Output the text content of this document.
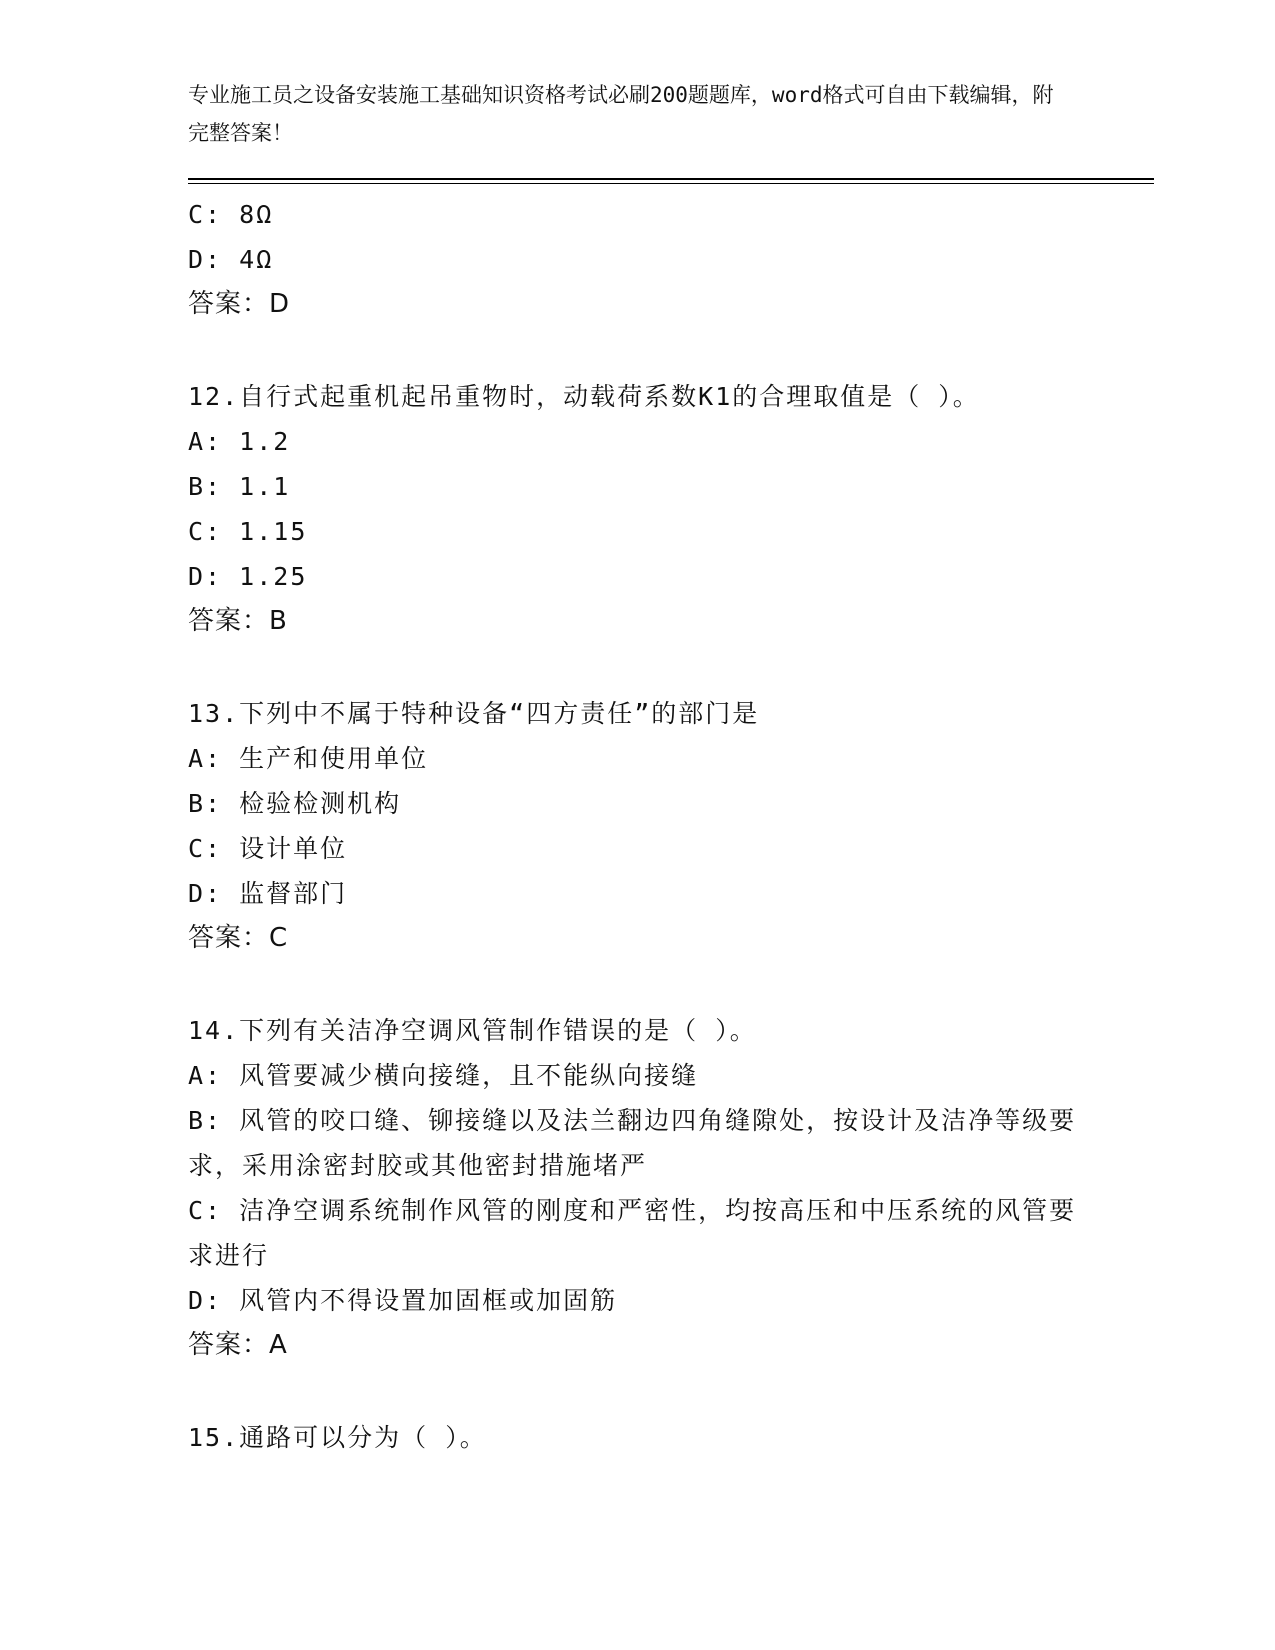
专业施工员之设备安装施工基础知识资格考试必刷200题题库，word格式可自由下载编辑，附完整答案！
C: 8Ω
D: 4Ω
答案：D
12.自行式起重机起吊重物时，动载荷系数K1的合理取值是（ ）。
A: 1.2
B: 1.1
C: 1.15
D: 1.25
答案：B
13.下列中不属于特种设备“四方责任”的部门是
A: 生产和使用单位
B: 检验检测机构
C: 设计单位
D: 监督部门
答案：C
14.下列有关洁净空调风管制作错误的是（ ）。
A: 风管要减少横向接缝，且不能纵向接缝
B: 风管的咬口缝、铆接缝以及法兰翻边四角缝隙处，按设计及洁净等级要求，采用涂密封胶或其他密封措施堵严
C: 洁净空调系统制作风管的刚度和严密性，均按高压和中压系统的风管要求进行
D: 风管内不得设置加固框或加固筋
答案：A
15.通路可以分为（ ）。
